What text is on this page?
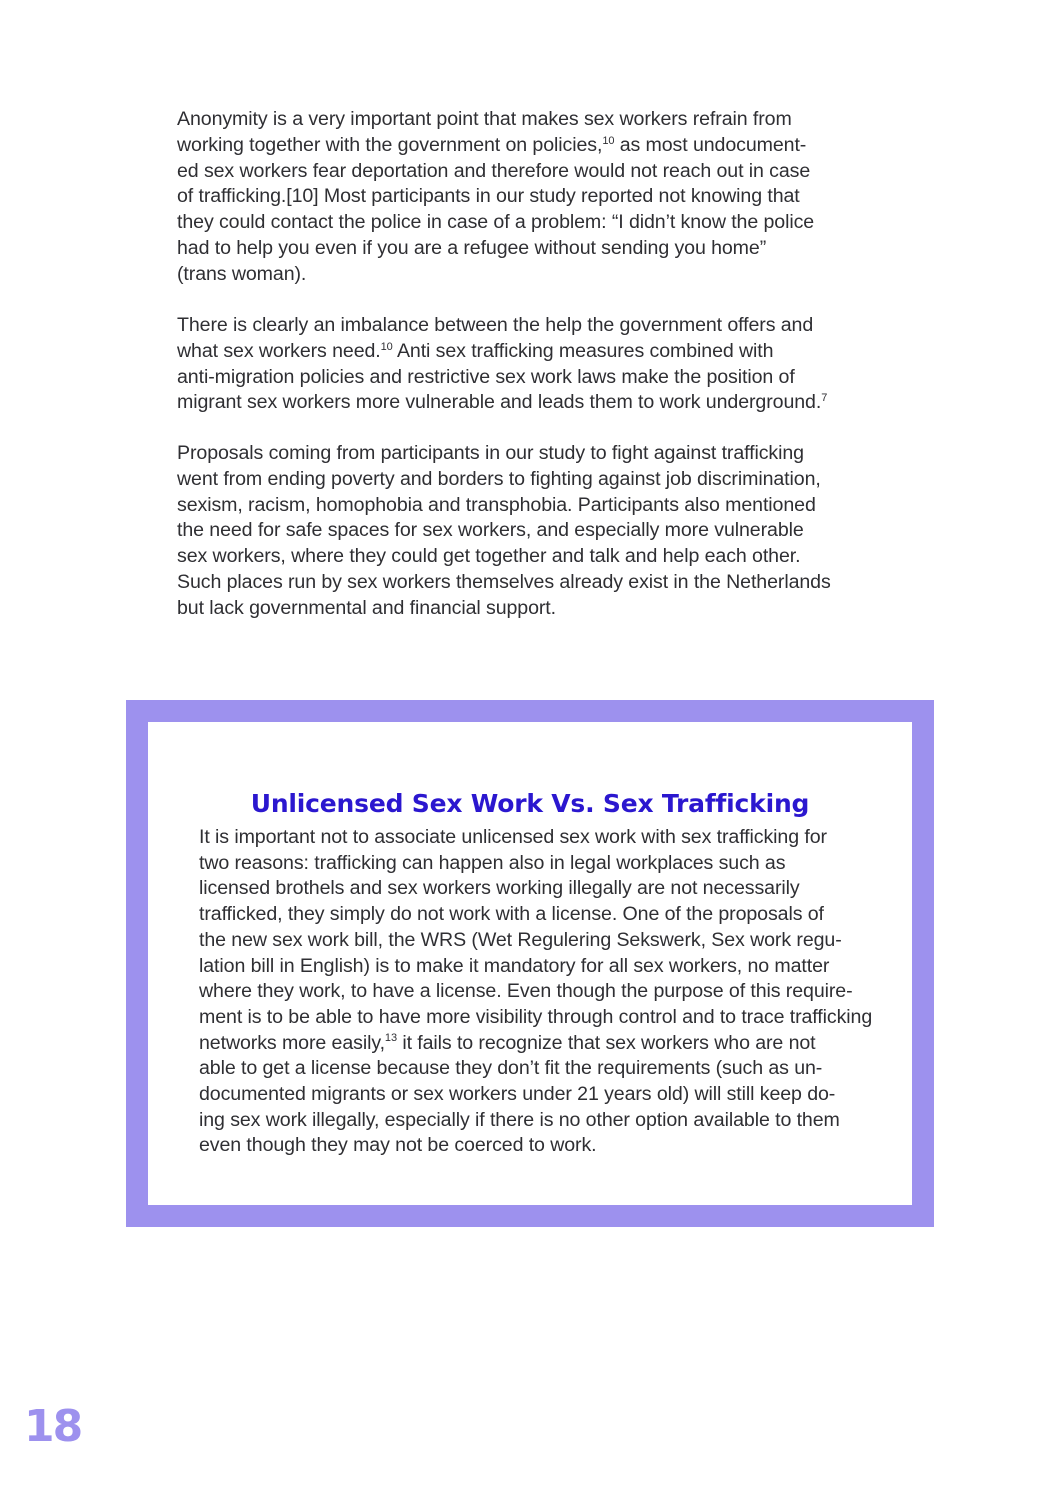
Anonymity is a very important point that makes sex workers refrain from
working together with the government on policies,$^{10}$ as most undocument-
ed sex workers fear deportation and therefore would not reach out in case
of trafficking.[10] Most participants in our study reported not knowing that
they could contact the police in case of a problem: “I didn’t know the police
had to help you even if you are a refugee without sending you home”
(trans woman).

There is clearly an imbalance between the help the government offers and
what sex workers need.$^{10}$ Anti sex trafficking measures combined with
anti-migration policies and restrictive sex work laws make the position of
migrant sex workers more vulnerable and leads them to work underground.$^7$

Proposals coming from participants in our study to fight against trafficking
went from ending poverty and borders to fighting against job discrimination,
sexism, racism, homophobia and transphobia. Participants also mentioned
the need for safe spaces for sex workers, and especially more vulnerable
sex workers, where they could get together and talk and help each other.
Such places run by sex workers themselves already exist in the Netherlands
but lack governmental and financial support.

Unlicensed Sex Work Vs. Sex Trafficking

It is important not to associate unlicensed sex work with sex trafficking for
two reasons: trafficking can happen also in legal workplaces such as
licensed brothels and sex workers working illegally are not necessarily
trafficked, they simply do not work with a license. One of the proposals of
the new sex work bill, the WRS (Wet Regulering Sekswerk, Sex work regu-
lation bill in English) is to make it mandatory for all sex workers, no matter
where they work, to have a license. Even though the purpose of this require-
ment is to be able to have more visibility through control and to trace trafficking
networks more easily,$^{13}$ it fails to recognize that sex workers who are not
able to get a license because they don’t fit the requirements (such as un-
documented migrants or sex workers under 21 years old) will still keep do-
ing sex work illegally, especially if there is no other option available to them
even though they may not be coerced to work.

18
